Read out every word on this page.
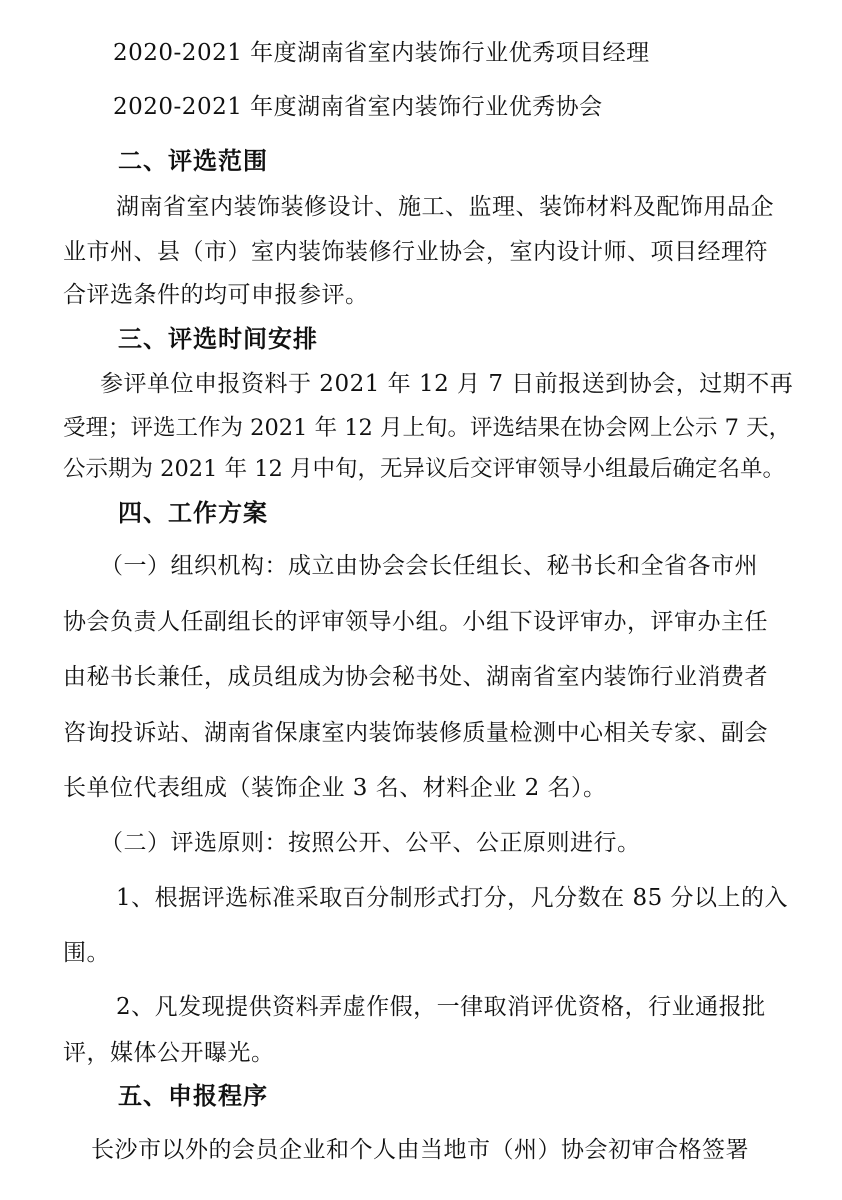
2020-2021 年度湖南省室内装饰行业优秀项目经理
2020-2021 年度湖南省室内装饰行业优秀协会
二、评选范围
湖南省室内装饰装修设计、施工、监理、装饰材料及配饰用品企
业市州、县（市）室内装饰装修行业协会，室内设计师、项目经理符
合评选条件的均可申报参评。
三、评选时间安排
参评单位申报资料于 2021 年 12 月 7 日前报送到协会，过期不再
受理；评选工作为 2021 年 12 月上旬。评选结果在协会网上公示 7 天，
公示期为 2021 年 12 月中旬，无异议后交评审领导小组最后确定名单。
四、工作方案
（一）组织机构：成立由协会会长任组长、秘书长和全省各市州
协会负责人任副组长的评审领导小组。小组下设评审办，评审办主任
由秘书长兼任，成员组成为协会秘书处、湖南省室内装饰行业消费者
咨询投诉站、湖南省保康室内装饰装修质量检测中心相关专家、副会
长单位代表组成（装饰企业 3 名、材料企业 2 名）。
（二）评选原则：按照公开、公平、公正原则进行。
1、根据评选标准采取百分制形式打分，凡分数在 85 分以上的入
围。
2、凡发现提供资料弄虚作假，一律取消评优资格，行业通报批
评，媒体公开曝光。
五、申报程序
长沙市以外的会员企业和个人由当地市（州）协会初审合格签署
